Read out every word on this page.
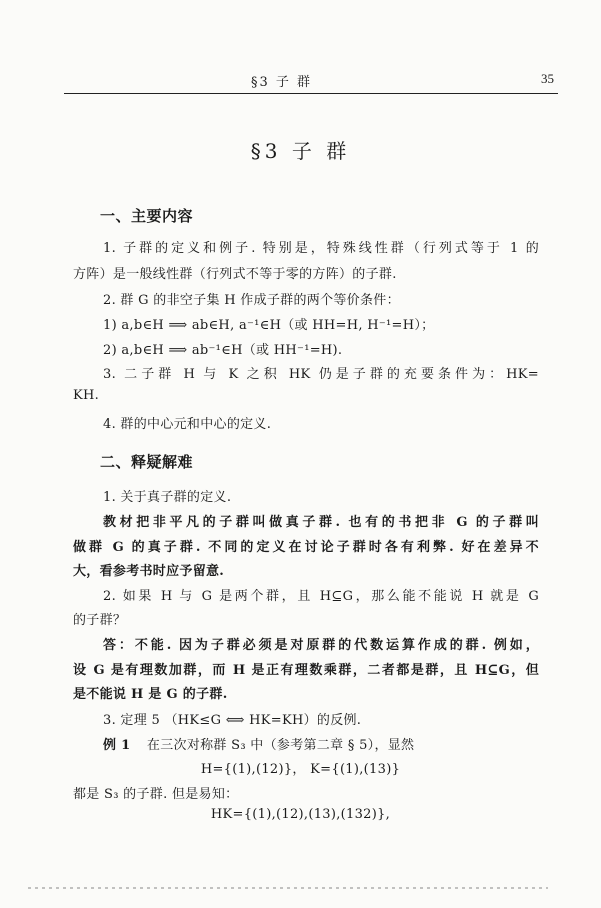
§3 子 群	35
§3 子 群
一、主要内容
1. 子群的定义和例子. 特别是，特殊线性群（行列式等于 1 的
方阵）是一般线性群（行列式不等于零的方阵）的子群.
2. 群 G 的非空子集 H 作成子群的两个等价条件：
1) a,b∈H ⟹ ab∈H, a⁻¹∈H（或 HH=H, H⁻¹=H）；
2) a,b∈H ⟹ ab⁻¹∈H（或 HH⁻¹=H).
3. 二子群 H 与 K 之积 HK 仍是子群的充要条件为：HK=
KH.
4. 群的中心元和中心的定义.
二、释疑解难
1. 关于真子群的定义.
教材把非平凡的子群叫做真子群. 也有的书把非 G 的子群叫
做群 G 的真子群. 不同的定义在讨论子群时各有利弊. 好在差异不
大，看参考书时应予留意.
2. 如果 H 与 G 是两个群，且 H⊆G，那么能不能说 H 就是 G
的子群？
答：不能. 因为子群必须是对原群的代数运算作成的群. 例如，
设 G 是有理数加群，而 H 是正有理数乘群，二者都是群，且 H⊆G，但
是不能说 H 是 G 的子群.
3. 定理 5 （HK≤G ⟺ HK=KH）的反例.
例 1 在三次对称群 S₃ 中（参考第二章 § 5），显然
H={(1),(12)}， K={(1),(13)}
都是 S₃ 的子群. 但是易知：
HK={(1),(12),(13),(132)},
